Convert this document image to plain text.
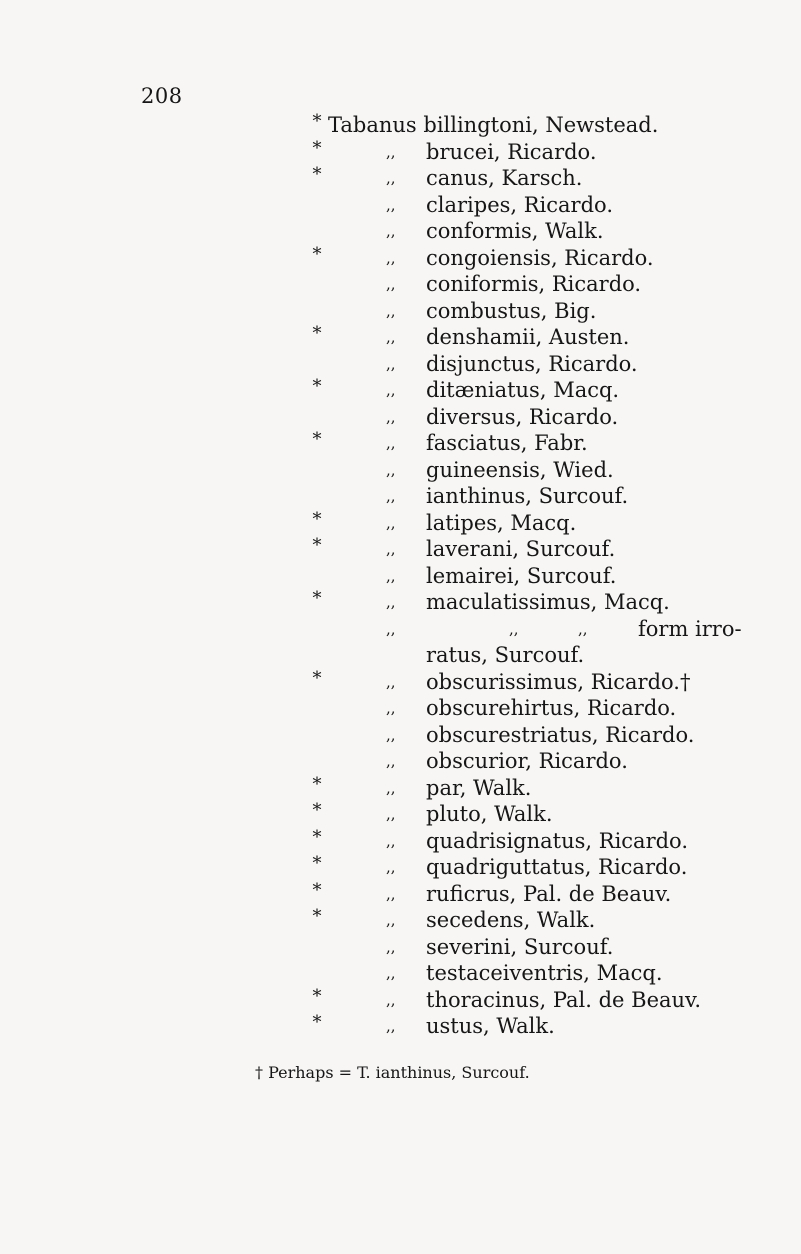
208
* Tabanus billingtoni, Newstead.
*	,, brucei, Ricardo.
*	,, canus, Karsch.
,, claripes, Ricardo.
,, conformis, Walk.
*	,, congoiensis, Ricardo.
,, coniformis, Ricardo.
,, combustus, Big.
*	,, denshamii, Austen.
,, disjunctus, Ricardo.
*	,, ditæniatus, Macq.
,, diversus, Ricardo.
*	,, fasciatus, Fabr.
,, guineensis, Wied.
,, ianthinus, Surcouf.
*	,, latipes, Macq.
*	,, laverani, Surcouf.
,, lemairei, Surcouf.
*	,, maculatissimus, Macq.
,,	,,	,, form irro-
ratus, Surcouf.
*	,, obscurissimus, Ricardo.†
,, obscurehirtus, Ricardo.
,, obscurestriatus, Ricardo.
,, obscurior, Ricardo.
*	,, par, Walk.
*	,, pluto, Walk.
*	,, quadrisignatus, Ricardo.
*	,, quadriguttatus, Ricardo.
*	,, ruficrus, Pal. de Beauv.
*	,, secedens, Walk.
,, severini, Surcouf.
,, testaceiventris, Macq.
*	,, thoracinus, Pal. de Beauv.
*	,, ustus, Walk.
† Perhaps = T. ianthinus, Surcouf.
